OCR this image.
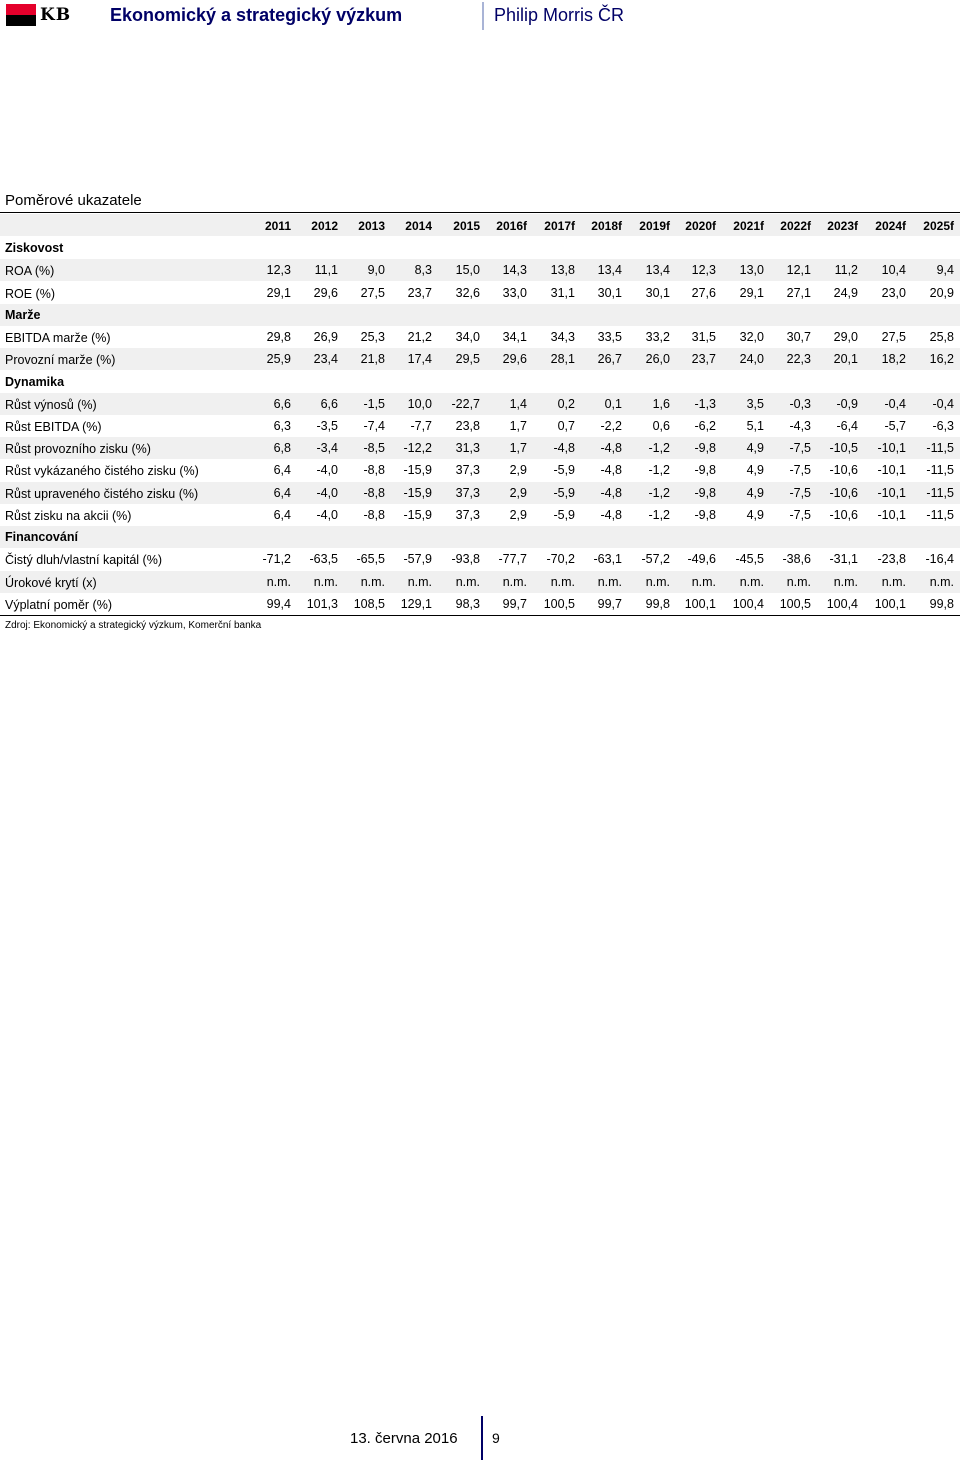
KB Ekonomický a strategický výzkum	Philip Morris ČR
Poměrové ukazatele
2011	2012	2013	2014	2015	2016f	2017f	2018f	2019f	2020f	2021f	2022f	2023f	2024f	2025f
Ziskovost
ROA (%)	12,3	11,1	9,0	8,3	15,0	14,3	13,8	13,4	13,4	12,3	13,0	12,1	11,2	10,4	9,4
ROE (%)	29,1	29,6	27,5	23,7	32,6	33,0	31,1	30,1	30,1	27,6	29,1	27,1	24,9	23,0	20,9
Marže
EBITDA marže (%)	29,8	26,9	25,3	21,2	34,0	34,1	34,3	33,5	33,2	31,5	32,0	30,7	29,0	27,5	25,8
Provozní marže (%)	25,9	23,4	21,8	17,4	29,5	29,6	28,1	26,7	26,0	23,7	24,0	22,3	20,1	18,2	16,2
Dynamika
Růst výnosů (%)	6,6	6,6	-1,5	10,0	-22,7	1,4	0,2	0,1	1,6	-1,3	3,5	-0,3	-0,9	-0,4	-0,4
Růst EBITDA (%)	6,3	-3,5	-7,4	-7,7	23,8	1,7	0,7	-2,2	0,6	-6,2	5,1	-4,3	-6,4	-5,7	-6,3
Růst provozního zisku (%)	6,8	-3,4	-8,5	-12,2	31,3	1,7	-4,8	-4,8	-1,2	-9,8	4,9	-7,5	-10,5	-10,1	-11,5
Růst vykázaného čistého zisku (%)	6,4	-4,0	-8,8	-15,9	37,3	2,9	-5,9	-4,8	-1,2	-9,8	4,9	-7,5	-10,6	-10,1	-11,5
Růst upraveného čistého zisku (%)	6,4	-4,0	-8,8	-15,9	37,3	2,9	-5,9	-4,8	-1,2	-9,8	4,9	-7,5	-10,6	-10,1	-11,5
Růst zisku na akcii (%)	6,4	-4,0	-8,8	-15,9	37,3	2,9	-5,9	-4,8	-1,2	-9,8	4,9	-7,5	-10,6	-10,1	-11,5
Financování
Čistý dluh/vlastní kapitál (%)	-71,2	-63,5	-65,5	-57,9	-93,8	-77,7	-70,2	-63,1	-57,2	-49,6	-45,5	-38,6	-31,1	-23,8	-16,4
Úrokové krytí (x)	n.m.	n.m.	n.m.	n.m.	n.m.	n.m.	n.m.	n.m.	n.m.	n.m.	n.m.	n.m.	n.m.	n.m.	n.m.
Výplatní poměr (%)	99,4	101,3	108,5	129,1	98,3	99,7	100,5	99,7	99,8	100,1	100,4	100,5	100,4	100,1	99,8
Zdroj: Ekonomický a strategický výzkum, Komerční banka
13. června 2016 9
